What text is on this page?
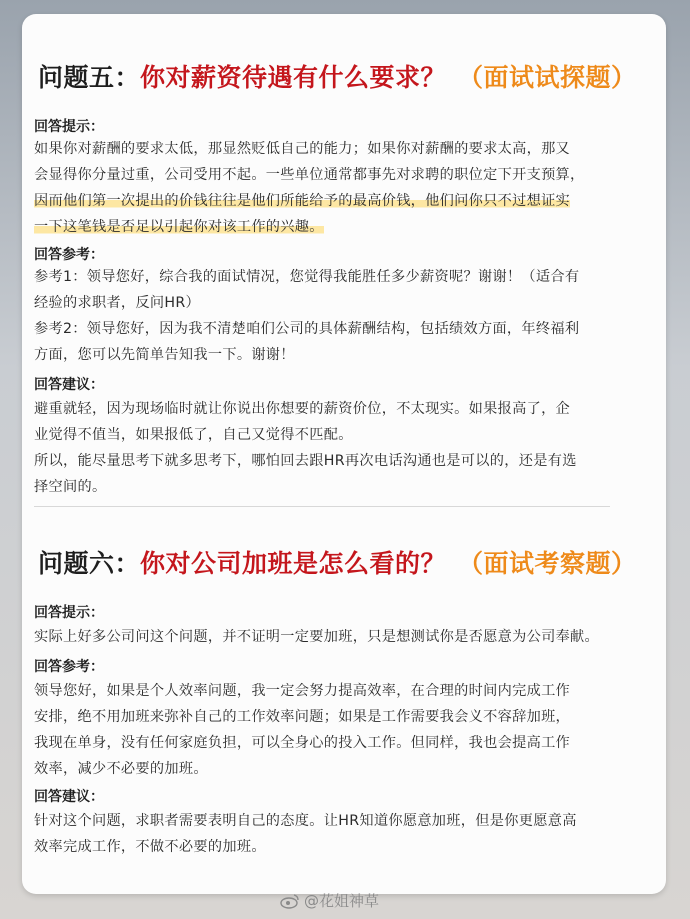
问题五：你对薪资待遇有什么要求？ （面试试探题）
回答提示：
如果你对薪酬的要求太低，那显然贬低自己的能力；如果你对薪酬的要求太高，那又
会显得你分量过重，公司受用不起。一些单位通常都事先对求聘的职位定下开支预算，
因而他们第一次提出的价钱往往是他们所能给予的最高价钱，他们问你只不过想证实
一下这笔钱是否足以引起你对该工作的兴趣。
回答参考：
参考1：领导您好，综合我的面试情况，您觉得我能胜任多少薪资呢？谢谢！（适合有
经验的求职者，反问HR）
参考2：领导您好，因为我不清楚咱们公司的具体薪酬结构，包括绩效方面，年终福利
方面，您可以先简单告知我一下。谢谢！
回答建议：
避重就轻，因为现场临时就让你说出你想要的薪资价位，不太现实。如果报高了，企
业觉得不值当，如果报低了，自己又觉得不匹配。
所以，能尽量思考下就多思考下，哪怕回去跟HR再次电话沟通也是可以的，还是有选
择空间的。
问题六：你对公司加班是怎么看的？ （面试考察题）
回答提示：
实际上好多公司问这个问题，并不证明一定要加班，只是想测试你是否愿意为公司奉献。
回答参考：
领导您好，如果是个人效率问题，我一定会努力提高效率，在合理的时间内完成工作
安排，绝不用加班来弥补自己的工作效率问题；如果是工作需要我会义不容辞加班，
我现在单身，没有任何家庭负担，可以全身心的投入工作。但同样，我也会提高工作
效率，减少不必要的加班。
回答建议：
针对这个问题，求职者需要表明自己的态度。让HR知道你愿意加班，但是你更愿意高
效率完成工作，不做不必要的加班。
@花姐神草
